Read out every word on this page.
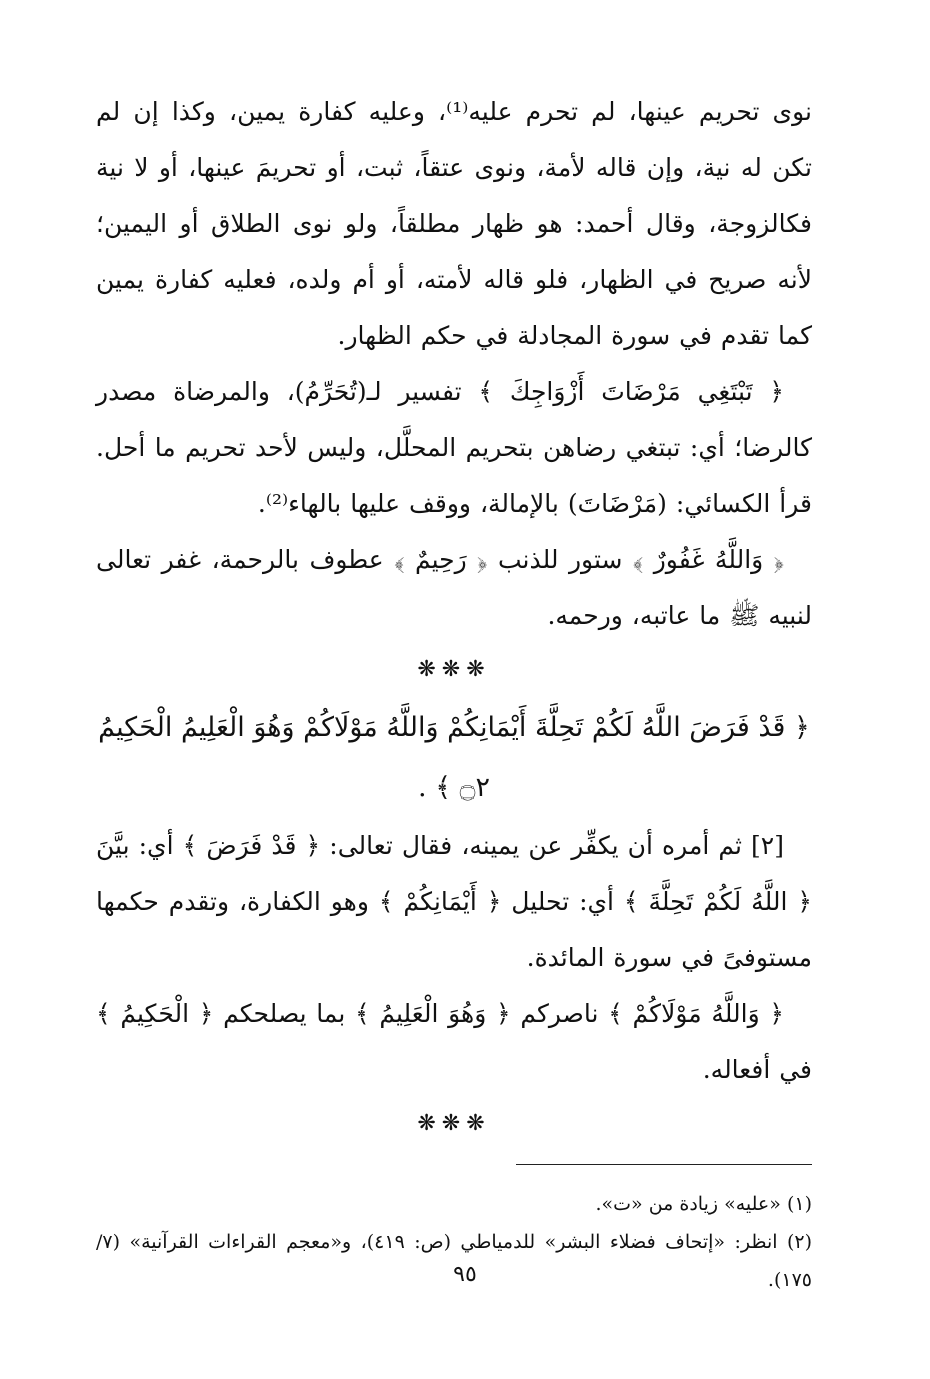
نوى تحريم عينها، لم تحرم عليه⁽¹⁾، وعليه كفارة يمين، وكذا إن لم تكن له نية، وإن قاله لأمة، ونوى عتقاً، ثبت، أو تحريمَ عينها، أو لا نية فكالزوجة، وقال أحمد: هو ظهار مطلقاً، ولو نوى الطلاق أو اليمين؛ لأنه صريح في الظهار، فلو قاله لأمته، أو أم ولده، فعليه كفارة يمين كما تقدم في سورة المجادلة في حكم الظهار.

﴿ تَبْتَغِي مَرْضَاتَ أَزْوَاجِكَ ﴾ تفسير لـ(تُحَرِّمُ)، والمرضاة مصدر كالرضا؛ أي: تبتغي رضاهن بتحريم المحلَّل، وليس لأحد تحريم ما أحل. قرأ الكسائي: (مَرْضَاتَ) بالإمالة، ووقف عليها بالهاء⁽²⁾.

﴿ وَاللَّهُ غَفُورٌ ﴾ ستور للذنب ﴿ رَحِيمٌ ﴾ عطوف بالرحمة، غفر تعالى لنبيه ﷺ ما عاتبه، ورحمه.

❋❋❋

﴿ قَدْ فَرَضَ اللَّهُ لَكُمْ تَحِلَّةَ أَيْمَانِكُمْ وَاللَّهُ مَوْلَاكُمْ وَهُوَ الْعَلِيمُ الْحَكِيمُ ۝٢ ﴾ .

[٢] ثم أمره أن يكفِّر عن يمينه، فقال تعالى: ﴿ قَدْ فَرَضَ ﴾ أي: بيَّنَ ﴿ اللَّهُ لَكُمْ تَحِلَّةَ ﴾ أي: تحليل ﴿ أَيْمَانِكُمْ ﴾ وهو الكفارة، وتقدم حكمها مستوفىً في سورة المائدة.

﴿ وَاللَّهُ مَوْلَاكُمْ ﴾ ناصركم ﴿ وَهُوَ الْعَلِيمُ ﴾ بما يصلحكم ﴿ الْحَكِيمُ ﴾ في أفعاله.

❋❋❋

(١) «عليه» زيادة من «ت».

(٢) انظر: «إتحاف فضلاء البشر» للدمياطي (ص: ٤١٩)، و«معجم القراءات القرآنية» (٧/ ١٧٥).

٩٥
